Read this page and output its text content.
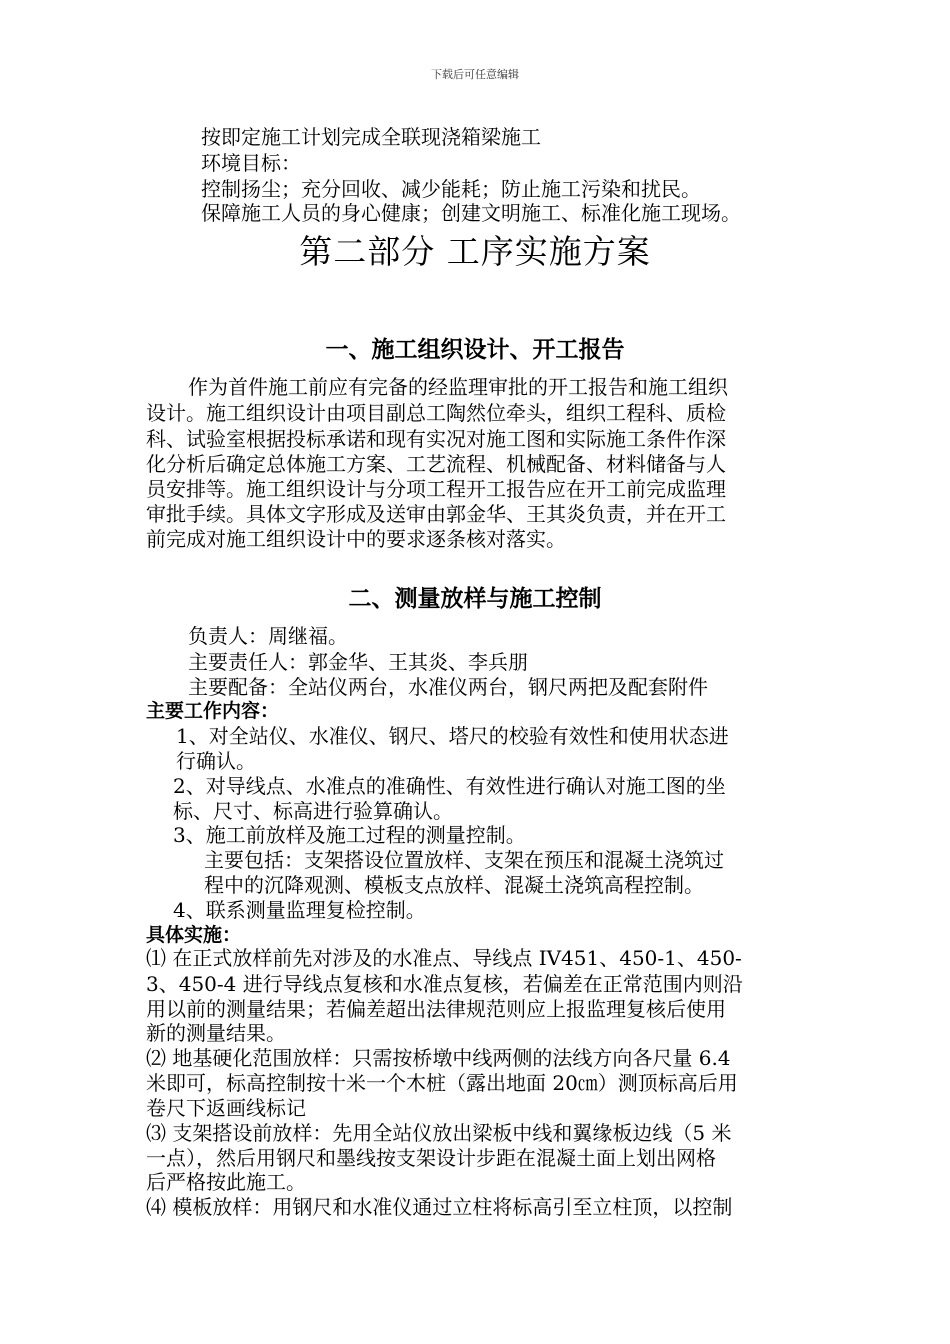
下载后可任意编辑
按即定施工计划完成全联现浇箱梁施工
环境目标：
控制扬尘；充分回收、减少能耗；防止施工污染和扰民。
保障施工人员的身心健康；创建文明施工、标准化施工现场。
第二部分 工序实施方案
一、施工组织设计、开工报告
作为首件施工前应有完备的经监理审批的开工报告和施工组织
设计。施工组织设计由项目副总工陶然位牵头，组织工程科、质检
科、试验室根据投标承诺和现有实况对施工图和实际施工条件作深
化分析后确定总体施工方案、工艺流程、机械配备、材料储备与人
员安排等。施工组织设计与分项工程开工报告应在开工前完成监理
审批手续。具体文字形成及送审由郭金华、王其炎负责，并在开工
前完成对施工组织设计中的要求逐条核对落实。
二、测量放样与施工控制
负责人：周继福。
主要责任人：郭金华、王其炎、李兵朋
主要配备：全站仪两台，水准仪两台，钢尺两把及配套附件
主要工作内容：
1、对全站仪、水准仪、钢尺、塔尺的校验有效性和使用状态进
行确认。
2、对导线点、水准点的准确性、有效性进行确认对施工图的坐
标、尺寸、标高进行验算确认。
3、施工前放样及施工过程的测量控制。
主要包括：支架搭设位置放样、支架在预压和混凝土浇筑过
程中的沉降观测、模板支点放样、混凝土浇筑高程控制。
4、联系测量监理复检控制。
具体实施：
⑴ 在正式放样前先对涉及的水准点、导线点 IV451、450-1、450-
3、450-4 进行导线点复核和水准点复核，若偏差在正常范围内则沿
用以前的测量结果；若偏差超出法律规范则应上报监理复核后使用
新的测量结果。
⑵ 地基硬化范围放样：只需按桥墩中线两侧的法线方向各尺量 6.4
米即可，标高控制按十米一个木桩（露出地面 20㎝）测顶标高后用
卷尺下返画线标记
⑶ 支架搭设前放样：先用全站仪放出梁板中线和翼缘板边线（5 米
一点），然后用钢尺和墨线按支架设计步距在混凝土面上划出网格
后严格按此施工。
⑷ 模板放样：用钢尺和水准仪通过立柱将标高引至立柱顶，以控制
